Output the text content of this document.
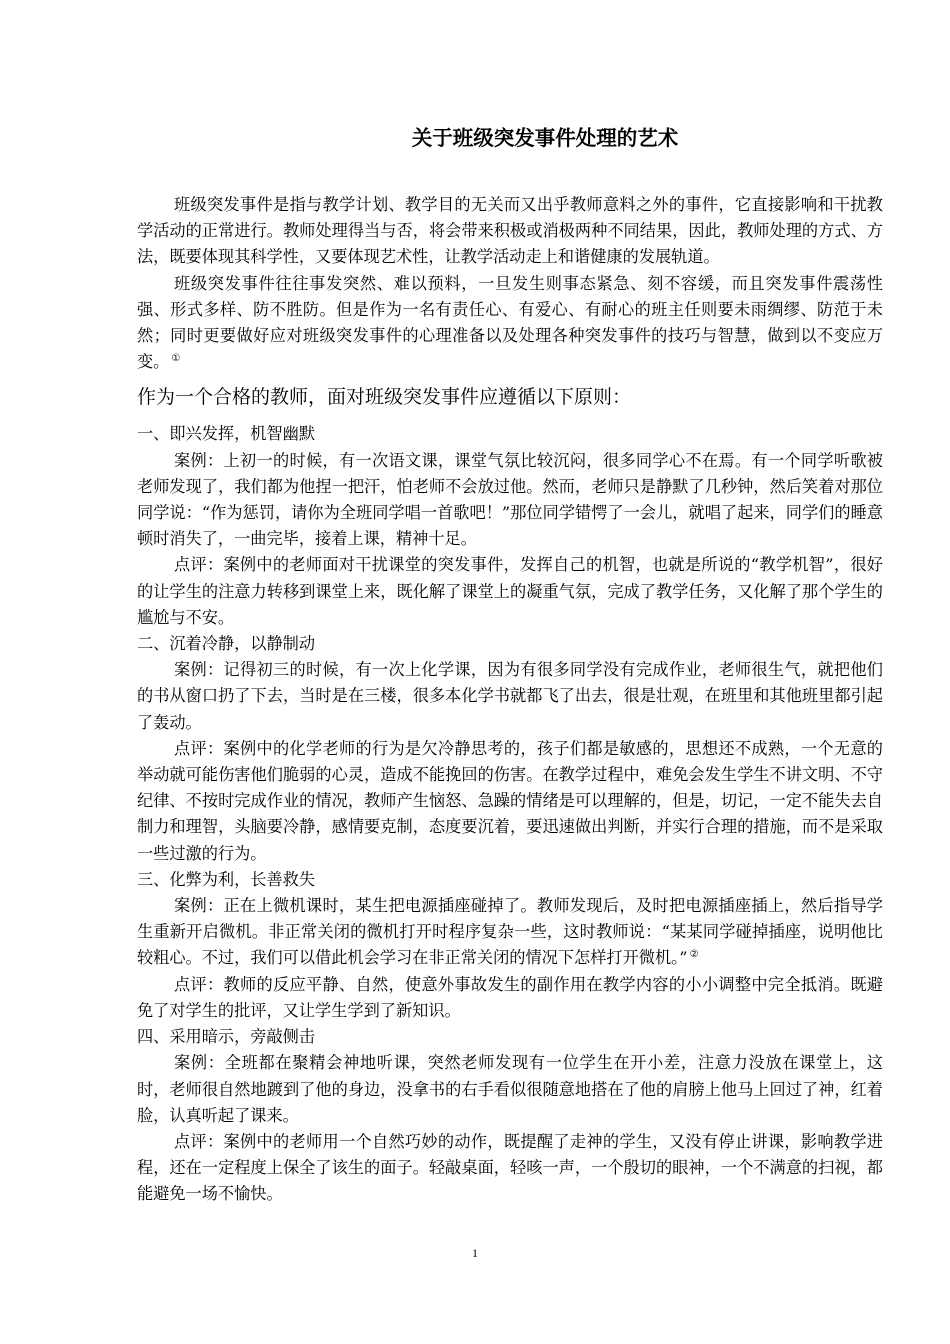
关于班级突发事件处理的艺术

班级突发事件是指与教学计划、教学目的无关而又出乎教师意料之外的事件，它直接影响和干扰教学活动的正常进行。教师处理得当与否，将会带来积极或消极两种不同结果，因此，教师处理的方式、方法，既要体现其科学性，又要体现艺术性，让教学活动走上和谐健康的发展轨道。

班级突发事件往往事发突然、难以预料，一旦发生则事态紧急、刻不容缓，而且突发事件震荡性强、形式多样、防不胜防。但是作为一名有责任心、有爱心、有耐心的班主任则要未雨绸缪、防范于未然；同时更要做好应对班级突发事件的心理准备以及处理各种突发事件的技巧与智慧，做到以不变应万变。 ①

作为一个合格的教师，面对班级突发事件应遵循以下原则：

一、即兴发挥，机智幽默

案例：上初一的时候，有一次语文课，课堂气氛比较沉闷，很多同学心不在焉。有一个同学听歌被老师发现了，我们都为他捏一把汗，怕老师不会放过他。然而，老师只是静默了几秒钟，然后笑着对那位同学说：“作为惩罚，请你为全班同学唱一首歌吧！”那位同学错愕了一会儿，就唱了起来，同学们的睡意顿时消失了，一曲完毕，接着上课，精神十足。

点评：案例中的老师面对干扰课堂的突发事件，发挥自己的机智，也就是所说的“教学机智”，很好的让学生的注意力转移到课堂上来，既化解了课堂上的凝重气氛，完成了教学任务，又化解了那个学生的尴尬与不安。

二、沉着冷静，以静制动

案例：记得初三的时候，有一次上化学课，因为有很多同学没有完成作业，老师很生气，就把他们的书从窗口扔了下去，当时是在三楼，很多本化学书就都飞了出去，很是壮观，在班里和其他班里都引起了轰动。

点评：案例中的化学老师的行为是欠冷静思考的，孩子们都是敏感的，思想还不成熟，一个无意的举动就可能伤害他们脆弱的心灵，造成不能挽回的伤害。在教学过程中，难免会发生学生不讲文明、不守纪律、不按时完成作业的情况，教师产生恼怒、急躁的情绪是可以理解的，但是，切记，一定不能失去自制力和理智，头脑要冷静，感情要克制，态度要沉着，要迅速做出判断，并实行合理的措施，而不是采取一些过激的行为。

三、化弊为利，长善救失

案例：正在上微机课时，某生把电源插座碰掉了。教师发现后，及时把电源插座插上，然后指导学生重新开启微机。非正常关闭的微机打开时程序复杂一些，这时教师说：“某某同学碰掉插座，说明他比较粗心。不过，我们可以借此机会学习在非正常关闭的情况下怎样打开微机。” ②

点评：教师的反应平静、自然，使意外事故发生的副作用在教学内容的小小调整中完全抵消。既避免了对学生的批评，又让学生学到了新知识。

四、采用暗示，旁敲侧击

案例：全班都在聚精会神地听课，突然老师发现有一位学生在开小差，注意力没放在课堂上，这时，老师很自然地踱到了他的身边，没拿书的右手看似很随意地搭在了他的肩膀上他马上回过了神，红着脸，认真听起了课来。

点评：案例中的老师用一个自然巧妙的动作，既提醒了走神的学生，又没有停止讲课，影响教学进程，还在一定程度上保全了该生的面子。轻敲桌面，轻咳一声，一个殷切的眼神，一个不满意的扫视，都能避免一场不愉快。

1
